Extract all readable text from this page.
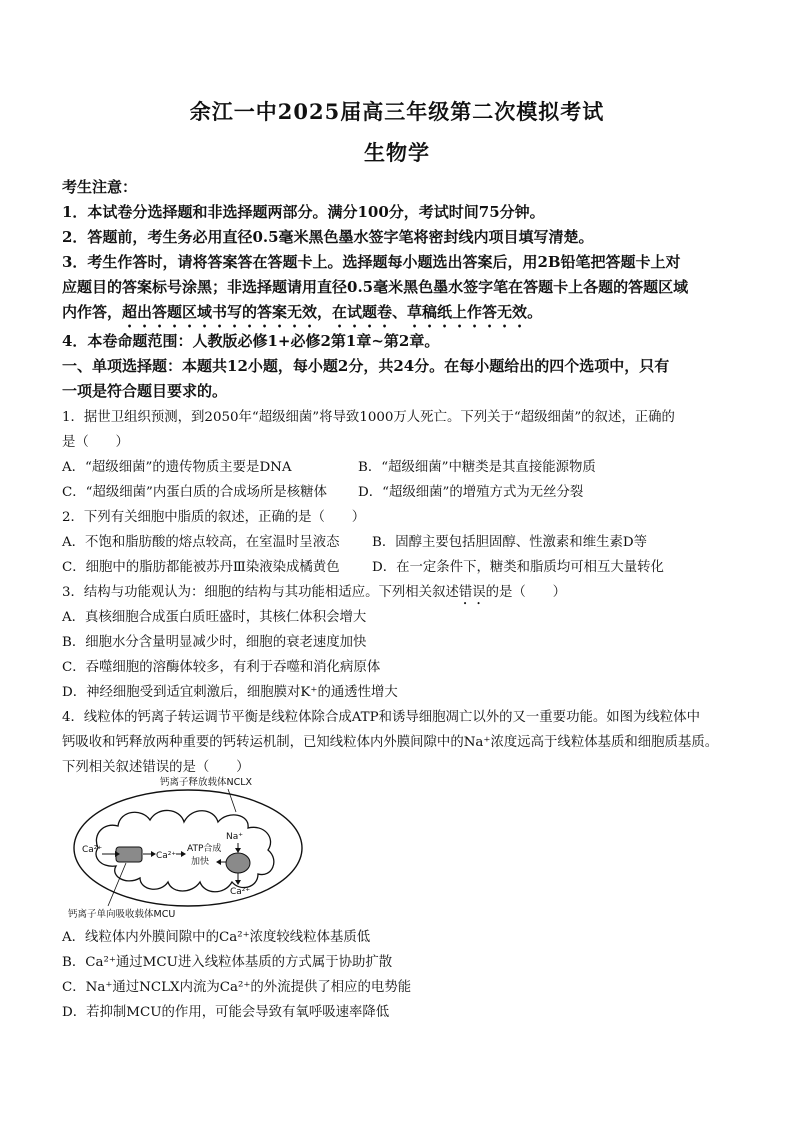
余江一中2025届高三年级第二次模拟考试
生物学
考生注意：
1．本试卷分选择题和非选择题两部分。满分100分，考试时间75分钟。
2．答题前，考生务必用直径0.5毫米黑色墨水签字笔将密封线内项目填写清楚。
3．考生作答时，请将答案答在答题卡上。选择题每小题选出答案后，用2B铅笔把答题卡上对
应题目的答案标号涂黑；非选择题请用直径0.5毫米黑色墨水签字笔在答题卡上各题的答题区域
内作答，超出答题区域书写的答案无效，在试题卷、草稿纸上作答无效。
4．本卷命题范围：人教版必修1+必修2第1章~第2章。
一、单项选择题：本题共12小题，每小题2分，共24分。在每小题给出的四个选项中，只有
一项是符合题目要求的。
1．据世卫组织预测，到2050年“超级细菌”将导致1000万人死亡。下列关于“超级细菌”的叙述，正确的
是（　　）
A．“超级细菌”的遗传物质主要是DNA	B．“超级细菌”中糖类是其直接能源物质
C．“超级细菌”内蛋白质的合成场所是核糖体 D．“超级细菌”的增殖方式为无丝分裂
2．下列有关细胞中脂质的叙述，正确的是（　　）
A．不饱和脂肪酸的熔点较高，在室温时呈液态 B．固醇主要包括胆固醇、性激素和维生素D等
C．细胞中的脂肪都能被苏丹Ⅲ染液染成橘黄色 D．在一定条件下，糖类和脂质均可相互大量转化
3．结构与功能观认为：细胞的结构与其功能相适应。下列相关叙述错误的是（　　）
A．真核细胞合成蛋白质旺盛时，其核仁体积会增大
B．细胞水分含量明显减少时，细胞的衰老速度加快
C．吞噬细胞的溶酶体较多，有利于吞噬和消化病原体
D．神经细胞受到适宜刺激后，细胞膜对K⁺的通透性增大
4．线粒体的钙离子转运调节平衡是线粒体除合成ATP和诱导细胞凋亡以外的又一重要功能。如图为线粒体中
钙吸收和钙释放两种重要的钙转运机制，已知线粒体内外膜间隙中的Na⁺浓度远高于线粒体基质和细胞质基质。
下列相关叙述错误的是（　　）
钙离子释放载体NCLX
Ca²⁺
Ca²⁺
ATP合成
加快
Na⁺
Ca²⁺
钙离子单向吸收载体MCU
A．线粒体内外膜间隙中的Ca²⁺浓度较线粒体基质低
B．Ca²⁺通过MCU进入线粒体基质的方式属于协助扩散
C．Na⁺通过NCLX内流为Ca²⁺的外流提供了相应的电势能
D．若抑制MCU的作用，可能会导致有氧呼吸速率降低
